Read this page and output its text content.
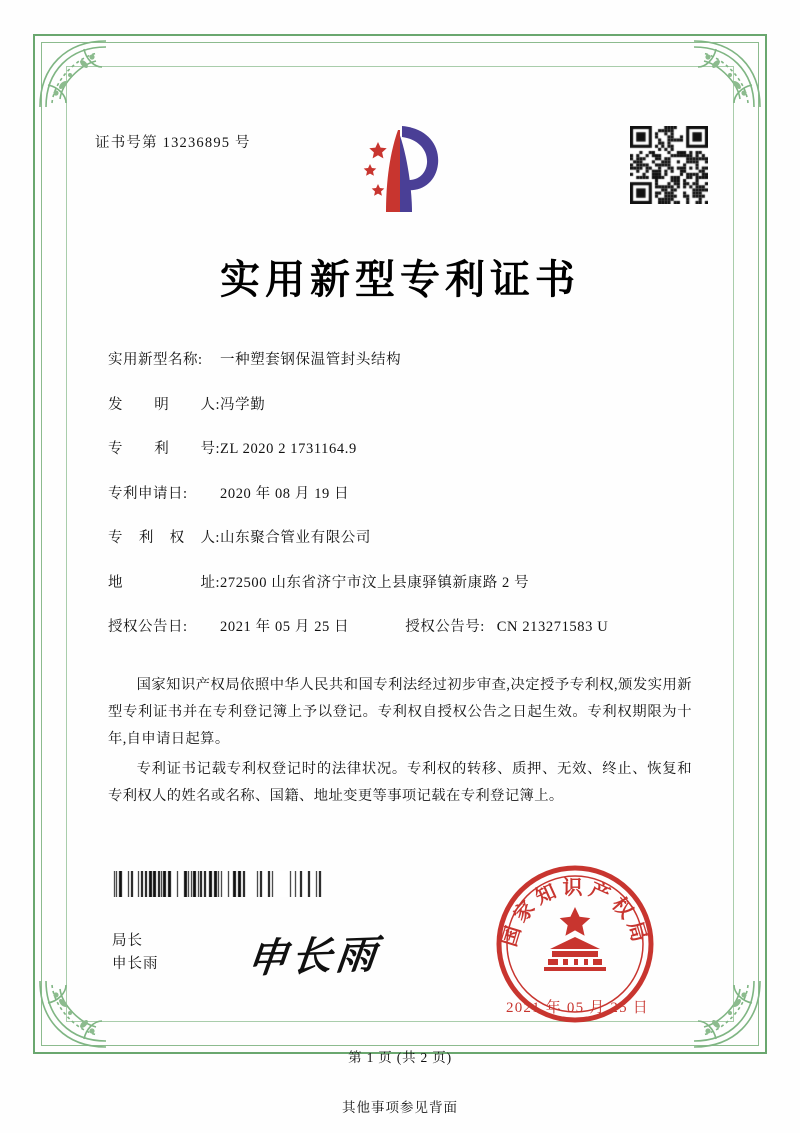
证书号第 13236895 号
实用新型专利证书
实用新型名称:	一种塑套钢保温管封头结构
发 明 人: 冯学勤
专 利 号: ZL 2020 2 1731164.9
专利申请日:	2020 年 08 月 19 日
专 利 权 人: 山东聚合管业有限公司
地	址: 272500 山东省济宁市汶上县康驿镇新康路 2 号
授权公告日:	2021 年 05 月 25 日	授权公告号: CN 213271583 U

国家知识产权局依照中华人民共和国专利法经过初步审查,决定授予专利权,颁发实用新型专利证书并在专利登记簿上予以登记。专利权自授权公告之日起生效。专利权期限为十年,自申请日起算。

专利证书记载专利权登记时的法律状况。专利权的转移、质押、无效、终止、恢复和专利权人的姓名或名称、国籍、地址变更等事项记载在专利登记簿上。

局长
申长雨 申长雨	国家知识产权局
2021 年 05 月 25 日
第 1 页 (共 2 页)
其他事项参见背面
